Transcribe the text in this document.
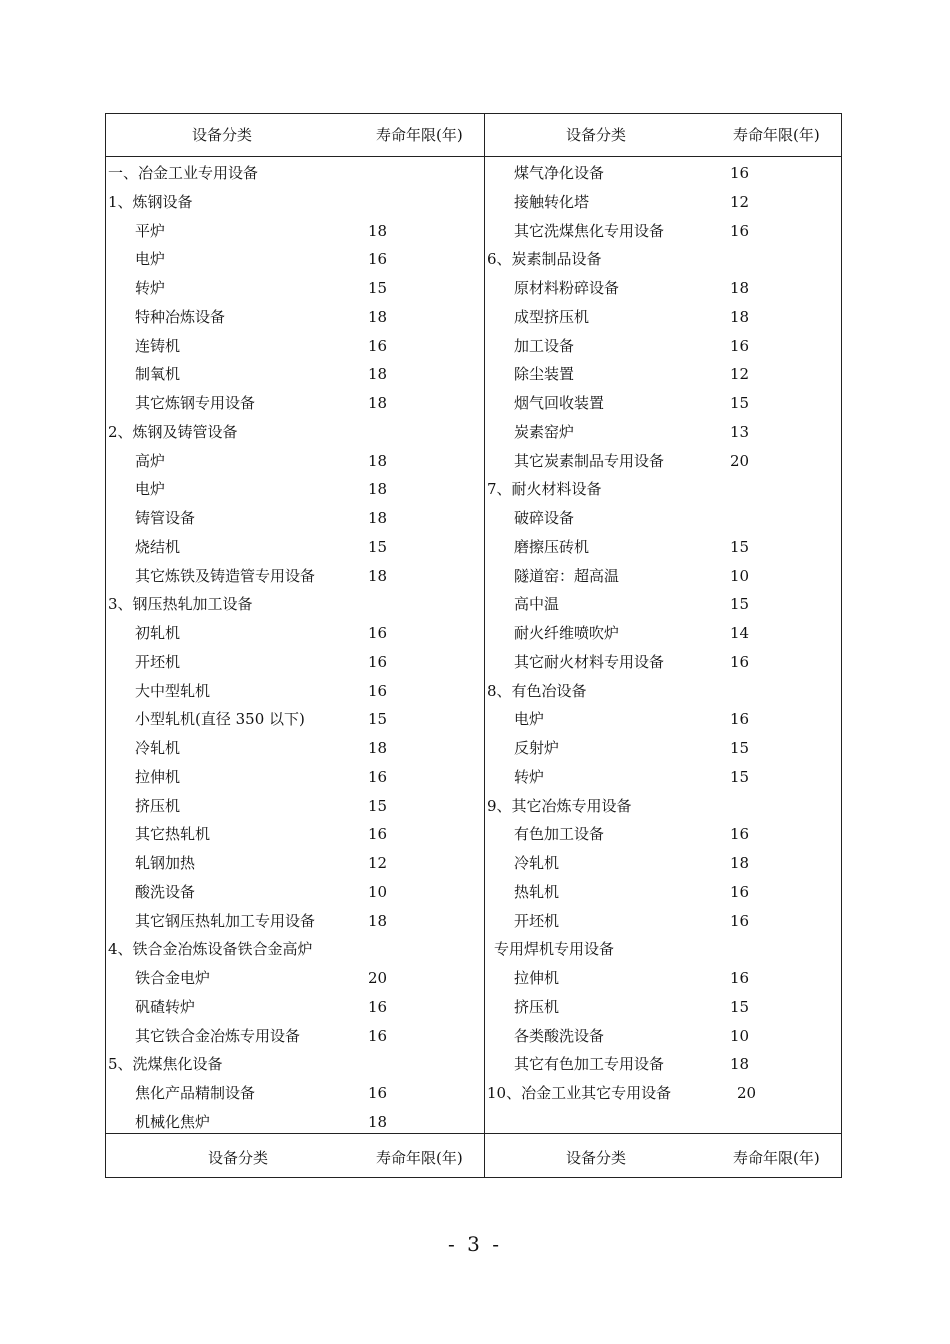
设备分类	寿命年限(年)	设备分类	寿命年限(年)
一、冶金工业专用设备
1、炼钢设备
平炉	18
电炉	16
转炉	15
特种冶炼设备	18
连铸机	16
制氧机	18
其它炼钢专用设备	18
2、炼钢及铸管设备
高炉	18
电炉	18
铸管设备	18
烧结机	15
其它炼铁及铸造管专用设备	18
3、钢压热轧加工设备
初轧机	16
开坯机	16
大中型轧机	16
小型轧机(直径 350 以下)	15
冷轧机	18
拉伸机	16
挤压机	15
其它热轧机	16
轧钢加热	12
酸洗设备	10
其它钢压热轧加工专用设备	18
4、铁合金冶炼设备铁合金高炉
铁合金电炉	20
矾碴转炉	16
其它铁合金冶炼专用设备	16
5、洗煤焦化设备
焦化产品精制设备	16
机械化焦炉	18
煤气净化设备	16
接触转化塔	12
其它洗煤焦化专用设备	16
6、炭素制品设备
原材料粉碎设备	18
成型挤压机	18
加工设备	16
除尘装置	12
烟气回收装置	15
炭素窑炉	13
其它炭素制品专用设备	20
7、耐火材料设备
破碎设备
磨擦压砖机	15
隧道窑：超高温	10
高中温	15
耐火纤维喷吹炉	14
其它耐火材料专用设备	16
8、有色冶设备
电炉	16
反射炉	15
转炉	15
9、其它冶炼专用设备
有色加工设备	16
冷轧机	18
热轧机	16
开坯机	16
专用焊机专用设备
拉伸机	16
挤压机	15
各类酸洗设备	10
其它有色加工专用设备	18
10、冶金工业其它专用设备	20
设备分类	寿命年限(年)	设备分类	寿命年限(年)
- 3 -
